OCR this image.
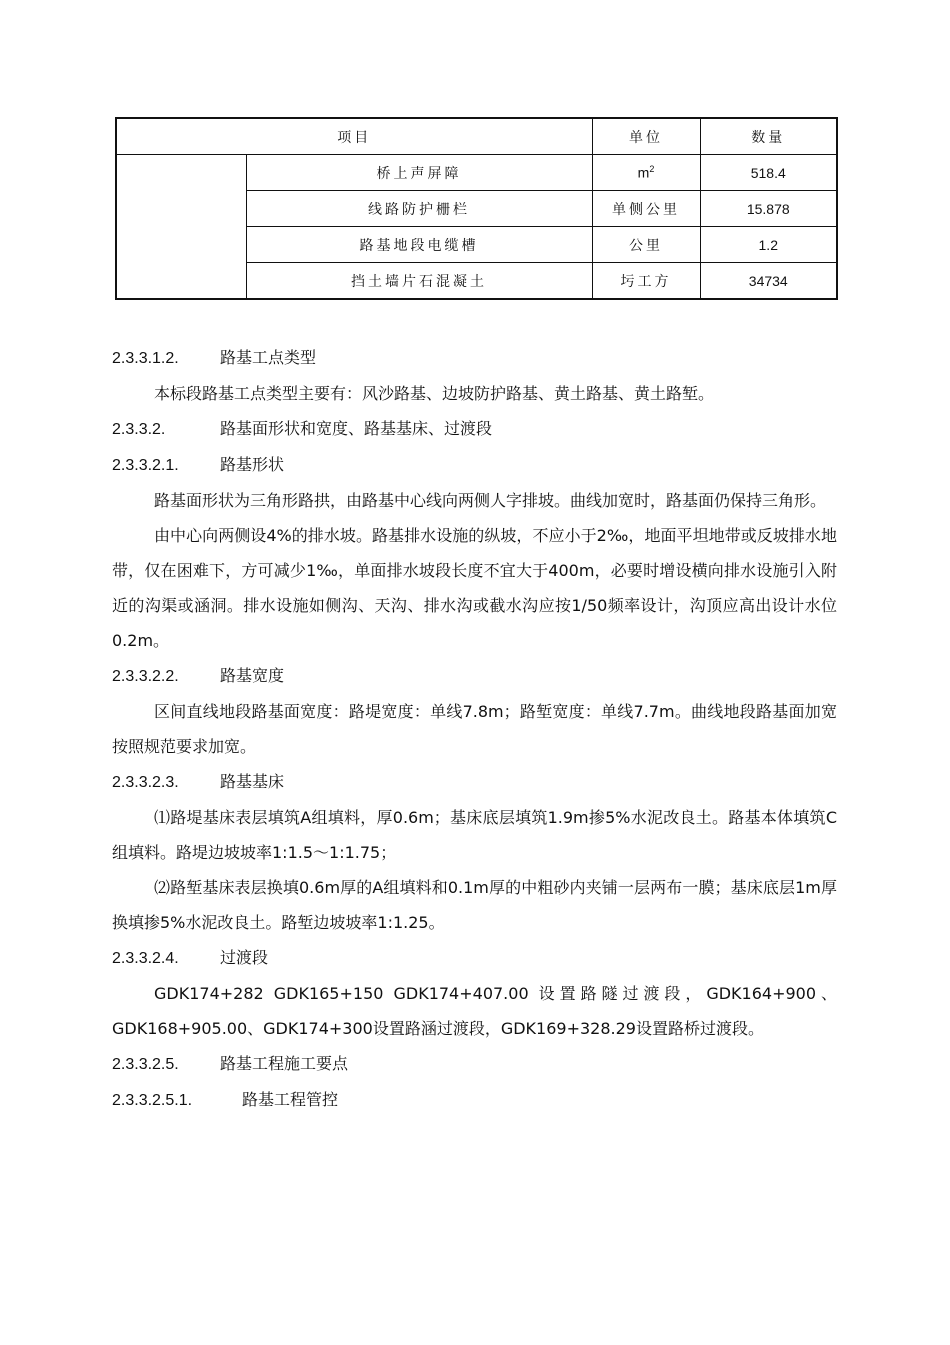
项目		单位	数量
	桥上声屏障	$m^2$	518.4
	线路防护栅栏	单侧公里	15.878
	路基地段电缆槽	公里	1.2
	挡土墙片石混凝土	圬工方	34734

2.3.3.1.2.	路基工点类型

本标段路基工点类型主要有：风沙路基、边坡防护路基、黄土路基、黄土路堑。

2.3.3.2.	路基面形状和宽度、路基基床、过渡段

2.3.3.2.1.	路基形状

路基面形状为三角形路拱，由路基中心线向两侧人字排坡。曲线加宽时，路基面仍保持三角形。

由中心向两侧设4%的排水坡。路基排水设施的纵坡，不应小于2‰，地面平坦地带或反坡排水地带，仅在困难下，方可减少1‰，单面排水坡段长度不宜大于400m，必要时增设横向排水设施引入附近的沟渠或涵洞。排水设施如侧沟、天沟、排水沟或截水沟应按1/50频率设计，沟顶应高出设计水位0.2m。

2.3.3.2.2.	路基宽度

区间直线地段路基面宽度：路堤宽度：单线7.8m；路堑宽度：单线7.7m。曲线地段路基面加宽按照规范要求加宽。

2.3.3.2.3.	路基基床

⑴路堤基床表层填筑A组填料，厚0.6m；基床底层填筑1.9m掺5%水泥改良土。路基本体填筑C组填料。路堤边坡坡率1:1.5～1:1.75；

⑵路堑基床表层换填0.6m厚的A组填料和0.1m厚的中粗砂内夹铺一层两布一膜；基床底层1m厚换填掺5%水泥改良土。路堑边坡坡率1:1.25。

2.3.3.2.4.	过渡段

GDK174+282 GDK165+150 GDK174+407.00 设置路隧过渡段，GDK164+900、GDK168+905.00、GDK174+300设置路涵过渡段，GDK169+328.29设置路桥过渡段。

2.3.3.2.5.	路基工程施工要点

2.3.3.2.5.1.	路基工程管控
